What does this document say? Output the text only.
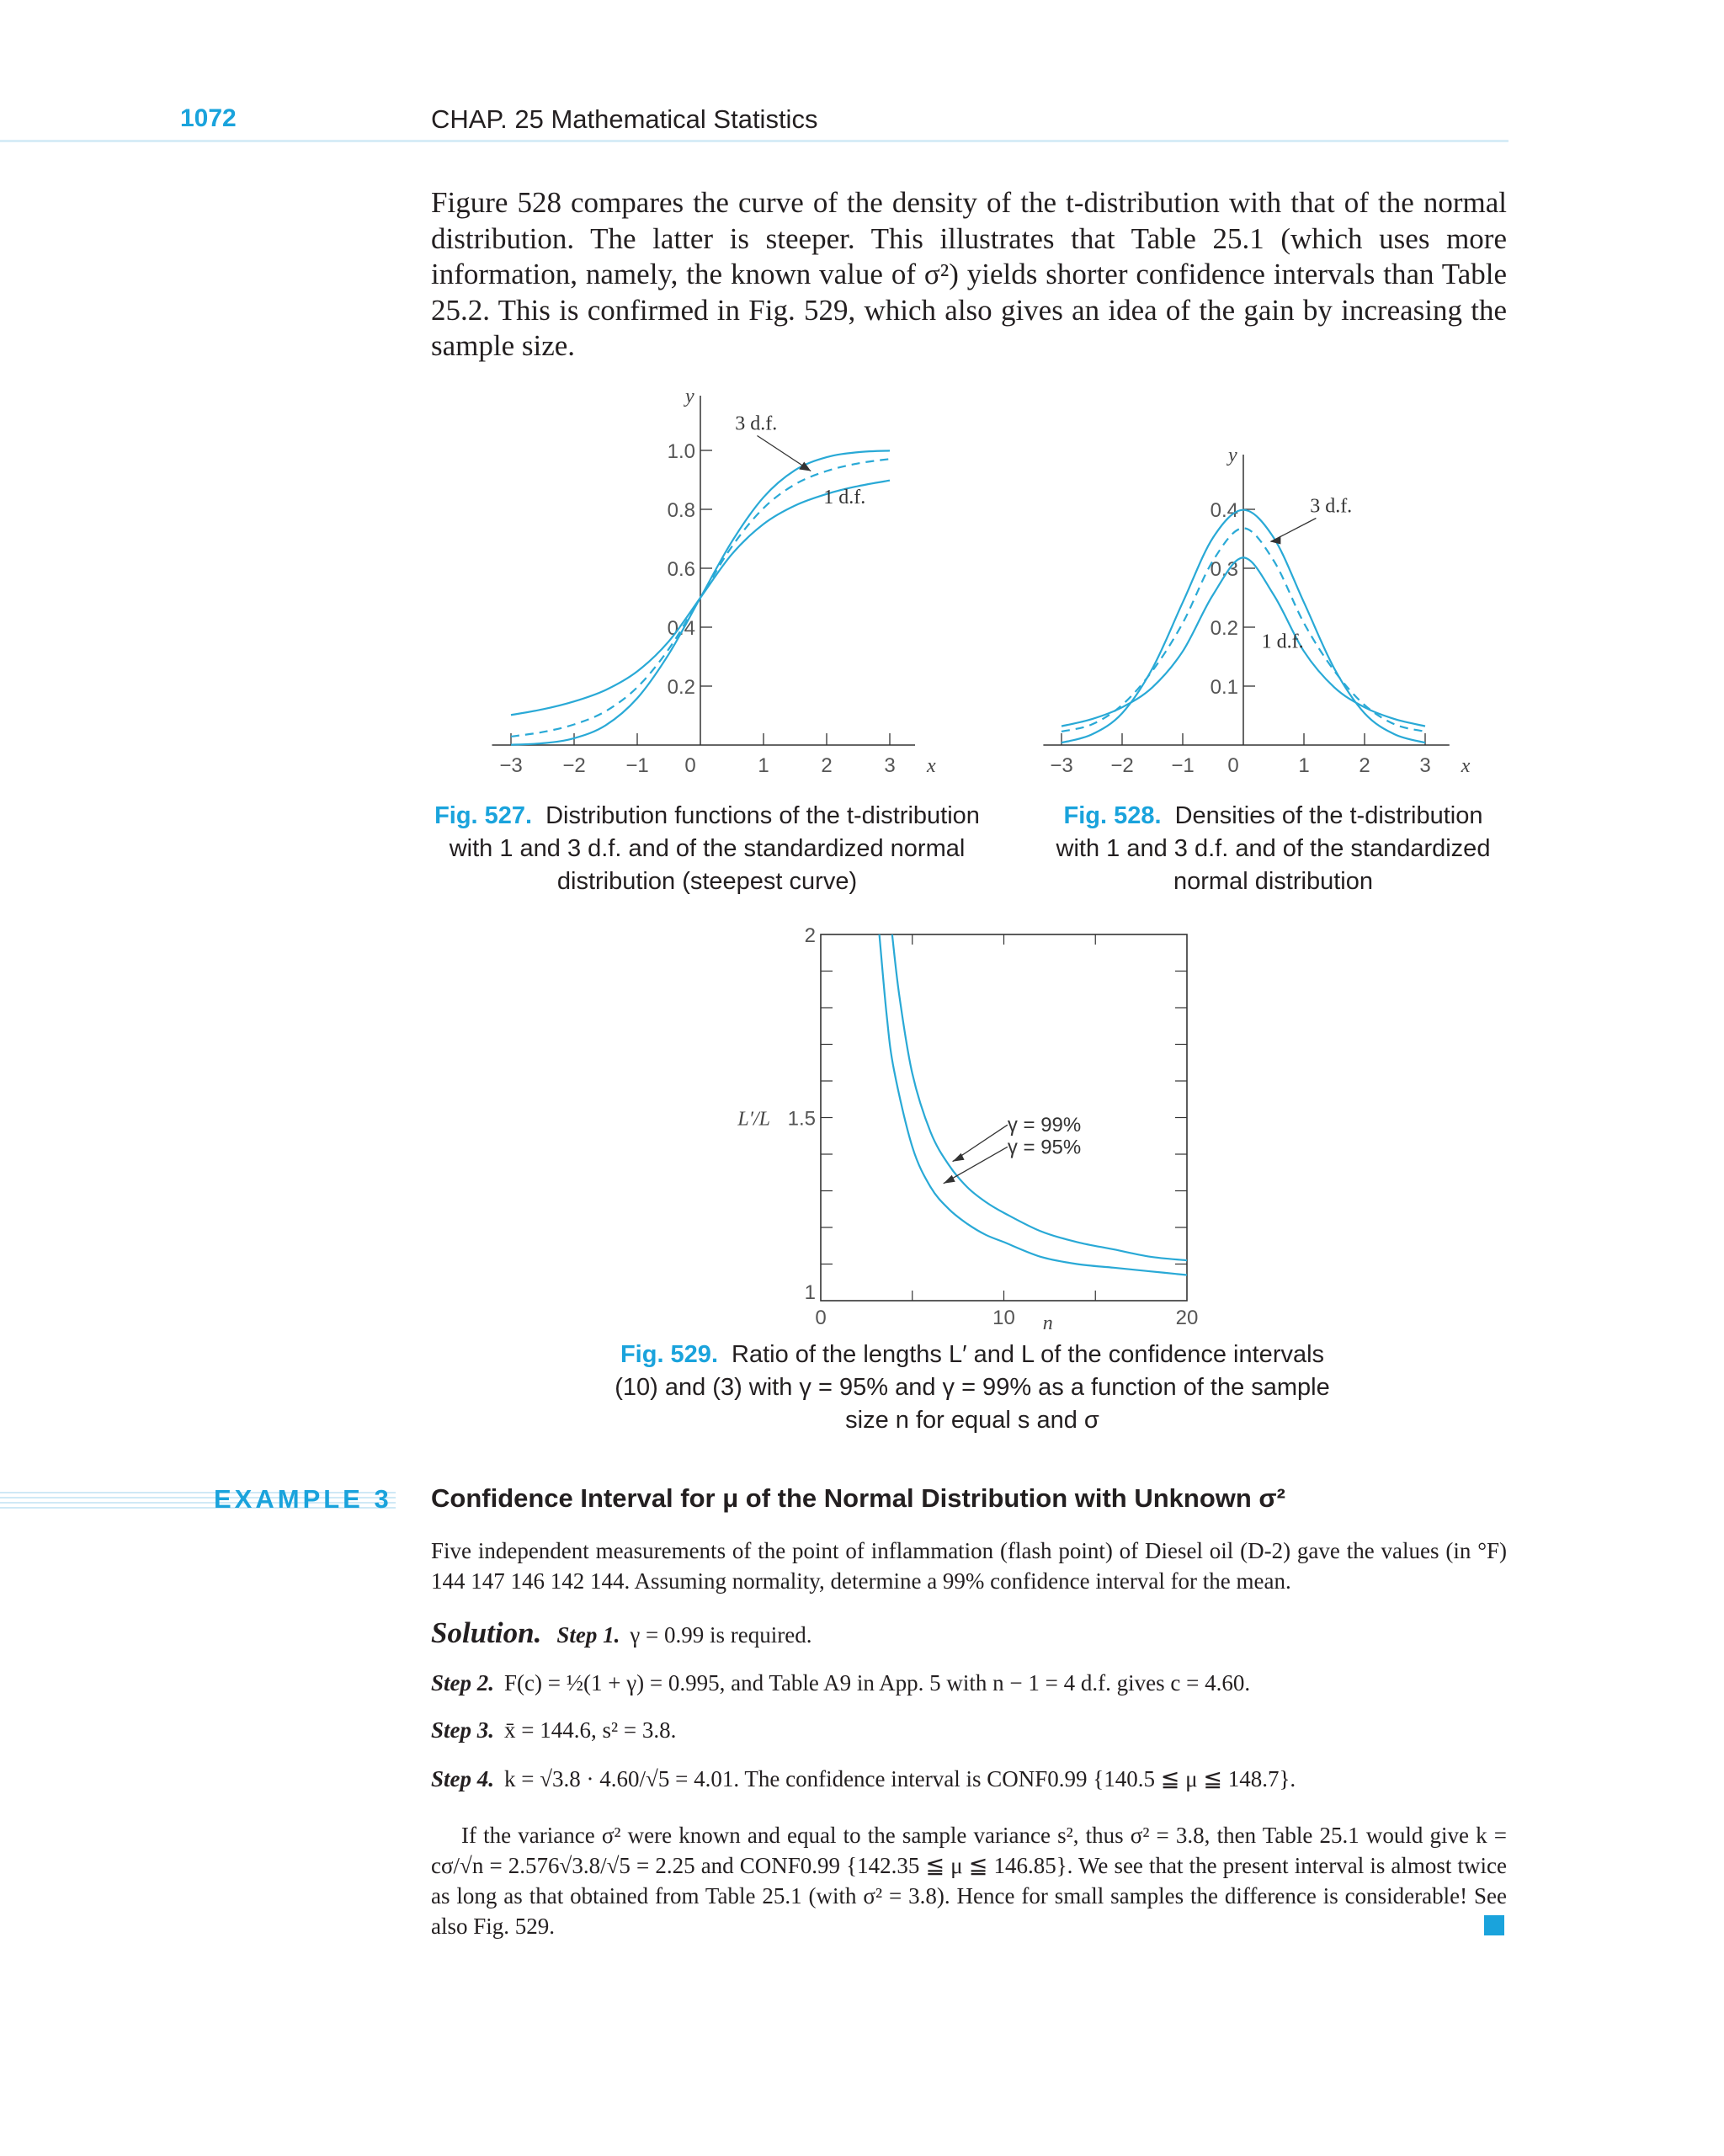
1072	CHAP. 25 Mathematical Statistics

Figure 528 compares the curve of the density of the t-distribution with that of the normal distribution. The latter is steeper. This illustrates that Table 25.1 (which uses more information, namely, the known value of σ²) yields shorter confidence intervals than Table 25.2. This is confirmed in Fig. 529, which also gives an idea of the gain by increasing the sample size.

−3 −2 −1 0	1	2	3
0.2
0.4
0.6
0.8
1.0
x
y
3 d.f.
1 d.f.
Fig. 527. Distribution functions of the t-distribution with 1 and 3 d.f. and of the standardized normal distribution (steepest curve)
−3 −2 −1 0	1 2 3
0.1
0.2
0.3
0.4
x
y
3 d.f.
1 d.f.
Fig. 528. Densities of the t-distribution with 1 and 3 d.f. and of the standardized normal distribution
0	10	20
1
1.5
2
L′/L
n
γ = 99%
γ = 95%
Fig. 529. Ratio of the lengths L′ and L of the confidence intervals (10) and (3) with γ = 95% and γ = 99% as a function of the sample size n for equal s and σ
EXAMPLE 3 Confidence Interval for μ of the Normal Distribution with Unknown σ²
Five independent measurements of the point of inflammation (flash point) of Diesel oil (D-2) gave the values (in °F) 144 147 146 142 144. Assuming normality, determine a 99% confidence interval for the mean.
Solution. Step 1. γ = 0.99 is required.
Step 2. F(c) = ½(1 + γ) = 0.995, and Table A9 in App. 5 with n − 1 = 4 d.f. gives c = 4.60.
Step 3. x̄ = 144.6, s² = 3.8.
Step 4. k = √3.8 · 4.60/√5 = 4.01. The confidence interval is CONF0.99 {140.5 ≦ μ ≦ 148.7}.
If the variance σ² were known and equal to the sample variance s², thus σ² = 3.8, then Table 25.1 would give k = cσ/√n = 2.576√3.8/√5 = 2.25 and CONF0.99 {142.35 ≦ μ ≦ 146.85}. We see that the present interval is almost twice as long as that obtained from Table 25.1 (with σ² = 3.8). Hence for small samples the difference is considerable! See also Fig. 529.
